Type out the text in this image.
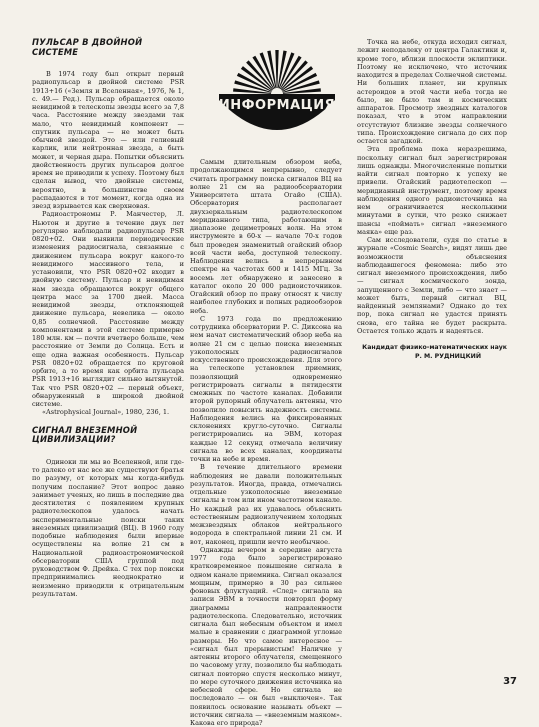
ИНФОРМАЦИЯ
ПУЛЬСАР В ДВОЙНОЙ СИСТЕМЕ

В 1974 году был открыт первый радиопульсар в двойной системе PSR 1913+16 («Земля и Вселенная», 1976, № 1, с. 49.— Ред.). Пульсар обращается около невидимой в телескопы звезды всего за 7,8 часа. Расстояние между звездами так мало, что невидимый компонент — спутник пульсара — не может быть обычной звездой. Это — или гелиевый карлик, или нейтронная звезда, а быть может, и черная дыра. Попытки объяснить двойственность других пульсаров долгое время не приводили к успеху. Поэтому был сделан вывод, что двойные системы, вероятно, в большинстве своем распадаются в тот момент, когда одна из звезд взрывается как сверхновая.

Радиоастрономы Р. Манчестер, Л. Ньютон и другие в течение двух лет регулярно наблюдали радиопульсар PSR 0820+02. Они выявили периодические изменения радиосигнала, связанные с движением пульсара вокруг какого-то невидимого массивного тела, и установили, что PSR 0820+02 входит в двойную систему. Пульсар и невидимая нам звезда обращаются вокруг общего центра масс за 1700 дней. Масса невидимой звезды, отклоняющей движение пульсара, невелика — около 0,85 солнечной. Расстояние между компонентами в этой системе примерно 180 млн. км — почти вчетверо больше, чем расстояние от Земли до Солнца. Есть и еще одна важная особенность. Пульсар PSR 0820+02 обращается по круговой орбите, а то время как орбита пульсара PSR 1913+16 выглядит сильно вытянутой. Так что PSR 0820+02 — первый объект, обнаруженный в широкой двойной системе.

«Astrophysical Journal», 1980, 236, 1.

СИГНАЛ ВНЕЗЕМНОЙ ЦИВИЛИЗАЦИИ?

Одиноки ли мы во Вселенной, или где-то далеко от нас все же существуют братья по разуму, от которых мы когда-нибудь получим послание? Этот вопрос давно занимает ученых, но лишь в последние два десятилетия с появлением крупных радиотелескопов удалось начать экспериментальные поиски таких внеземных цивилизаций (ВЦ). В 1960 году подобные наблюдения были впервые осуществлены на волне 21 см в Национальной радиоастрономической обсерватории США группой под руководством Ф. Дрейка. С тех пор поиски предпринимались неоднократно и неизменно приводили к отрицательным результатам.

Самым длительным обзором неба, продолжающимся непрерывно, следует считать программу поиска сигналов ВЦ на волне 21 см на радиообсерватории Университета штата Огайо (США). Обсерватория располагает двухзеркальным радиотелескопом меридианного типа, работающим в диапазоне дециметровых волн. На этом инструменте в 60-х — начале 70-х годов был проведен знаменитый огайский обзор всей части неба, доступной телескопу. Наблюдения велись в непрерывном спектре на частотах 600 и 1415 МГц. За восемь лет обнаружено и занесено в каталог около 20 000 радиоисточников. Огайский обзор по праву относят к числу наиболее глубоких и полных радиообзоров неба.

С 1973 года по предложению сотрудника обсерватории Р. С. Диксона на нем начат систематический обзор неба на волне 21 см с целью поиска внеземных узкополосных радиосигналов искусственного происхождения. Для этого на телескопе установлен приемник, позволяющий одновременно регистрировать сигналы в пятидесяти смежных по частоте каналах. Добавили второй рупорный облучатель антенны, что позволило повысить надежность системы. Наблюдения велись на фиксированных склонениях кругло-суточно. Сигналы регистрировались на ЭВМ, которая каждые 12 секунд отмечала величину сигнала во всех каналах, координаты точки на небе и время.

В течение длительного времени наблюдения не давали положительных результатов. Иногда, правда, отмечались отдельные узкополосные внеземные сигналы в том или ином частотном канале. Но каждый раз их удавалось объяснить естественным радиоизлучением холодных межзвездных облаков нейтрального водорода в спектральной линии 21 см. И вот, наконец, пришли нечто необычное.

Однажды вечером в середине августа 1977 года было зарегистрировано кратковременное повышение сигнала в одном канале приемника. Сигнал оказался мощным, примерно в 30 раз сильнее фоновых флуктуаций. «След» сигнала на записи ЭВМ в точности повторял форму диаграммы направленности радиотелескопа. Следовательно, источник сигнала был небесным объектом и имел малые в сравнении с диаграммой угловые размеры. Но что самое интересное — «сигнал был прерывистым! Наличие у антенны второго облучателя, смещенного по часовому углу, позволило бы наблюдать сигнал повторно спустя несколько минут, по мере суточного движения источника на небесной сфере. Но сигнала не последовало — он был «выключен». Так появилось основание называть объект — источник сигнала — «внеземным маяком». Какова его природа?

Точка на небе, откуда исходил сигнал, лежит неподалеку от центра Галактики и, кроме того, вблизи плоскости эклиптики. Поэтому не исключено, что источник находится в пределах Солнечной системы. Ни больших планет, ни крупных астероидов в этой части неба тогда не было, не было там и космических аппаратов. Просмотр звездных каталогов показал, что в этом направлении отсутствуют близкие звезды солнечного типа. Происхождение сигнала до сих пор остается загадкой.

Эта проблема пока неразрешима, поскольку сигнал был зарегистрирован лишь однажды. Многочисленные попытки найти сигнал повторно к успеху не привели. Огайский радиотелескоп — меридианный инструмент, поэтому время наблюдения одного радиоисточника на нем ограничивается несколькими минутами в сутки, что резко снижает шансы «поймать» сигнал «внеземного маяка» еще раз.

Сам исследователи, судя по статье в журнале «Cosmic Search», видят лишь две возможности объяснения наблюдавшегося феномена: либо это сигнал внеземного происхождения, либо — сигнал космического зонда, запущенного с Земли, либо — что знает — может быть, первый сигнал ВЦ, найденный землянами? Однако до тех пор, пока сигнал не удастся принять снова, его тайна не будет раскрыта. Остается только ждать и надеяться.

Кандидат физико-математических наук
Р. М. РУДНИЦКИЙ
37
